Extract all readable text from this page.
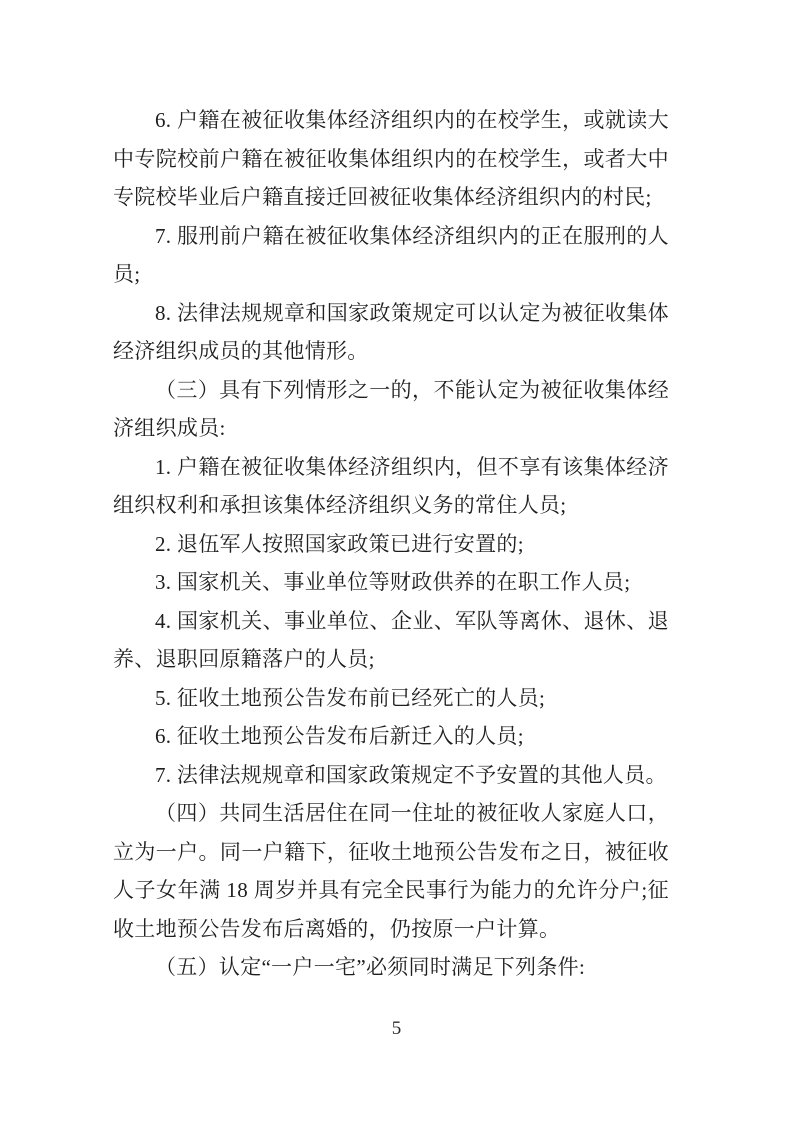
6. 户籍在被征收集体经济组织内的在校学生，或就读大中专院校前户籍在被征收集体组织内的在校学生，或者大中专院校毕业后户籍直接迁回被征收集体经济组织内的村民;

7. 服刑前户籍在被征收集体经济组织内的正在服刑的人员;

8. 法律法规规章和国家政策规定可以认定为被征收集体经济组织成员的其他情形。

（三）具有下列情形之一的，不能认定为被征收集体经济组织成员:

1. 户籍在被征收集体经济组织内，但不享有该集体经济组织权利和承担该集体经济组织义务的常住人员;

2. 退伍军人按照国家政策已进行安置的;

3. 国家机关、事业单位等财政供养的在职工作人员;

4. 国家机关、事业单位、企业、军队等离休、退休、退养、退职回原籍落户的人员;

5. 征收土地预公告发布前已经死亡的人员;

6. 征收土地预公告发布后新迁入的人员;

7. 法律法规规章和国家政策规定不予安置的其他人员。

（四）共同生活居住在同一住址的被征收人家庭人口，立为一户。同一户籍下，征收土地预公告发布之日，被征收人子女年满 18 周岁并具有完全民事行为能力的允许分户;征收土地预公告发布后离婚的，仍按原一户计算。

（五）认定“一户一宅”必须同时满足下列条件:

5
